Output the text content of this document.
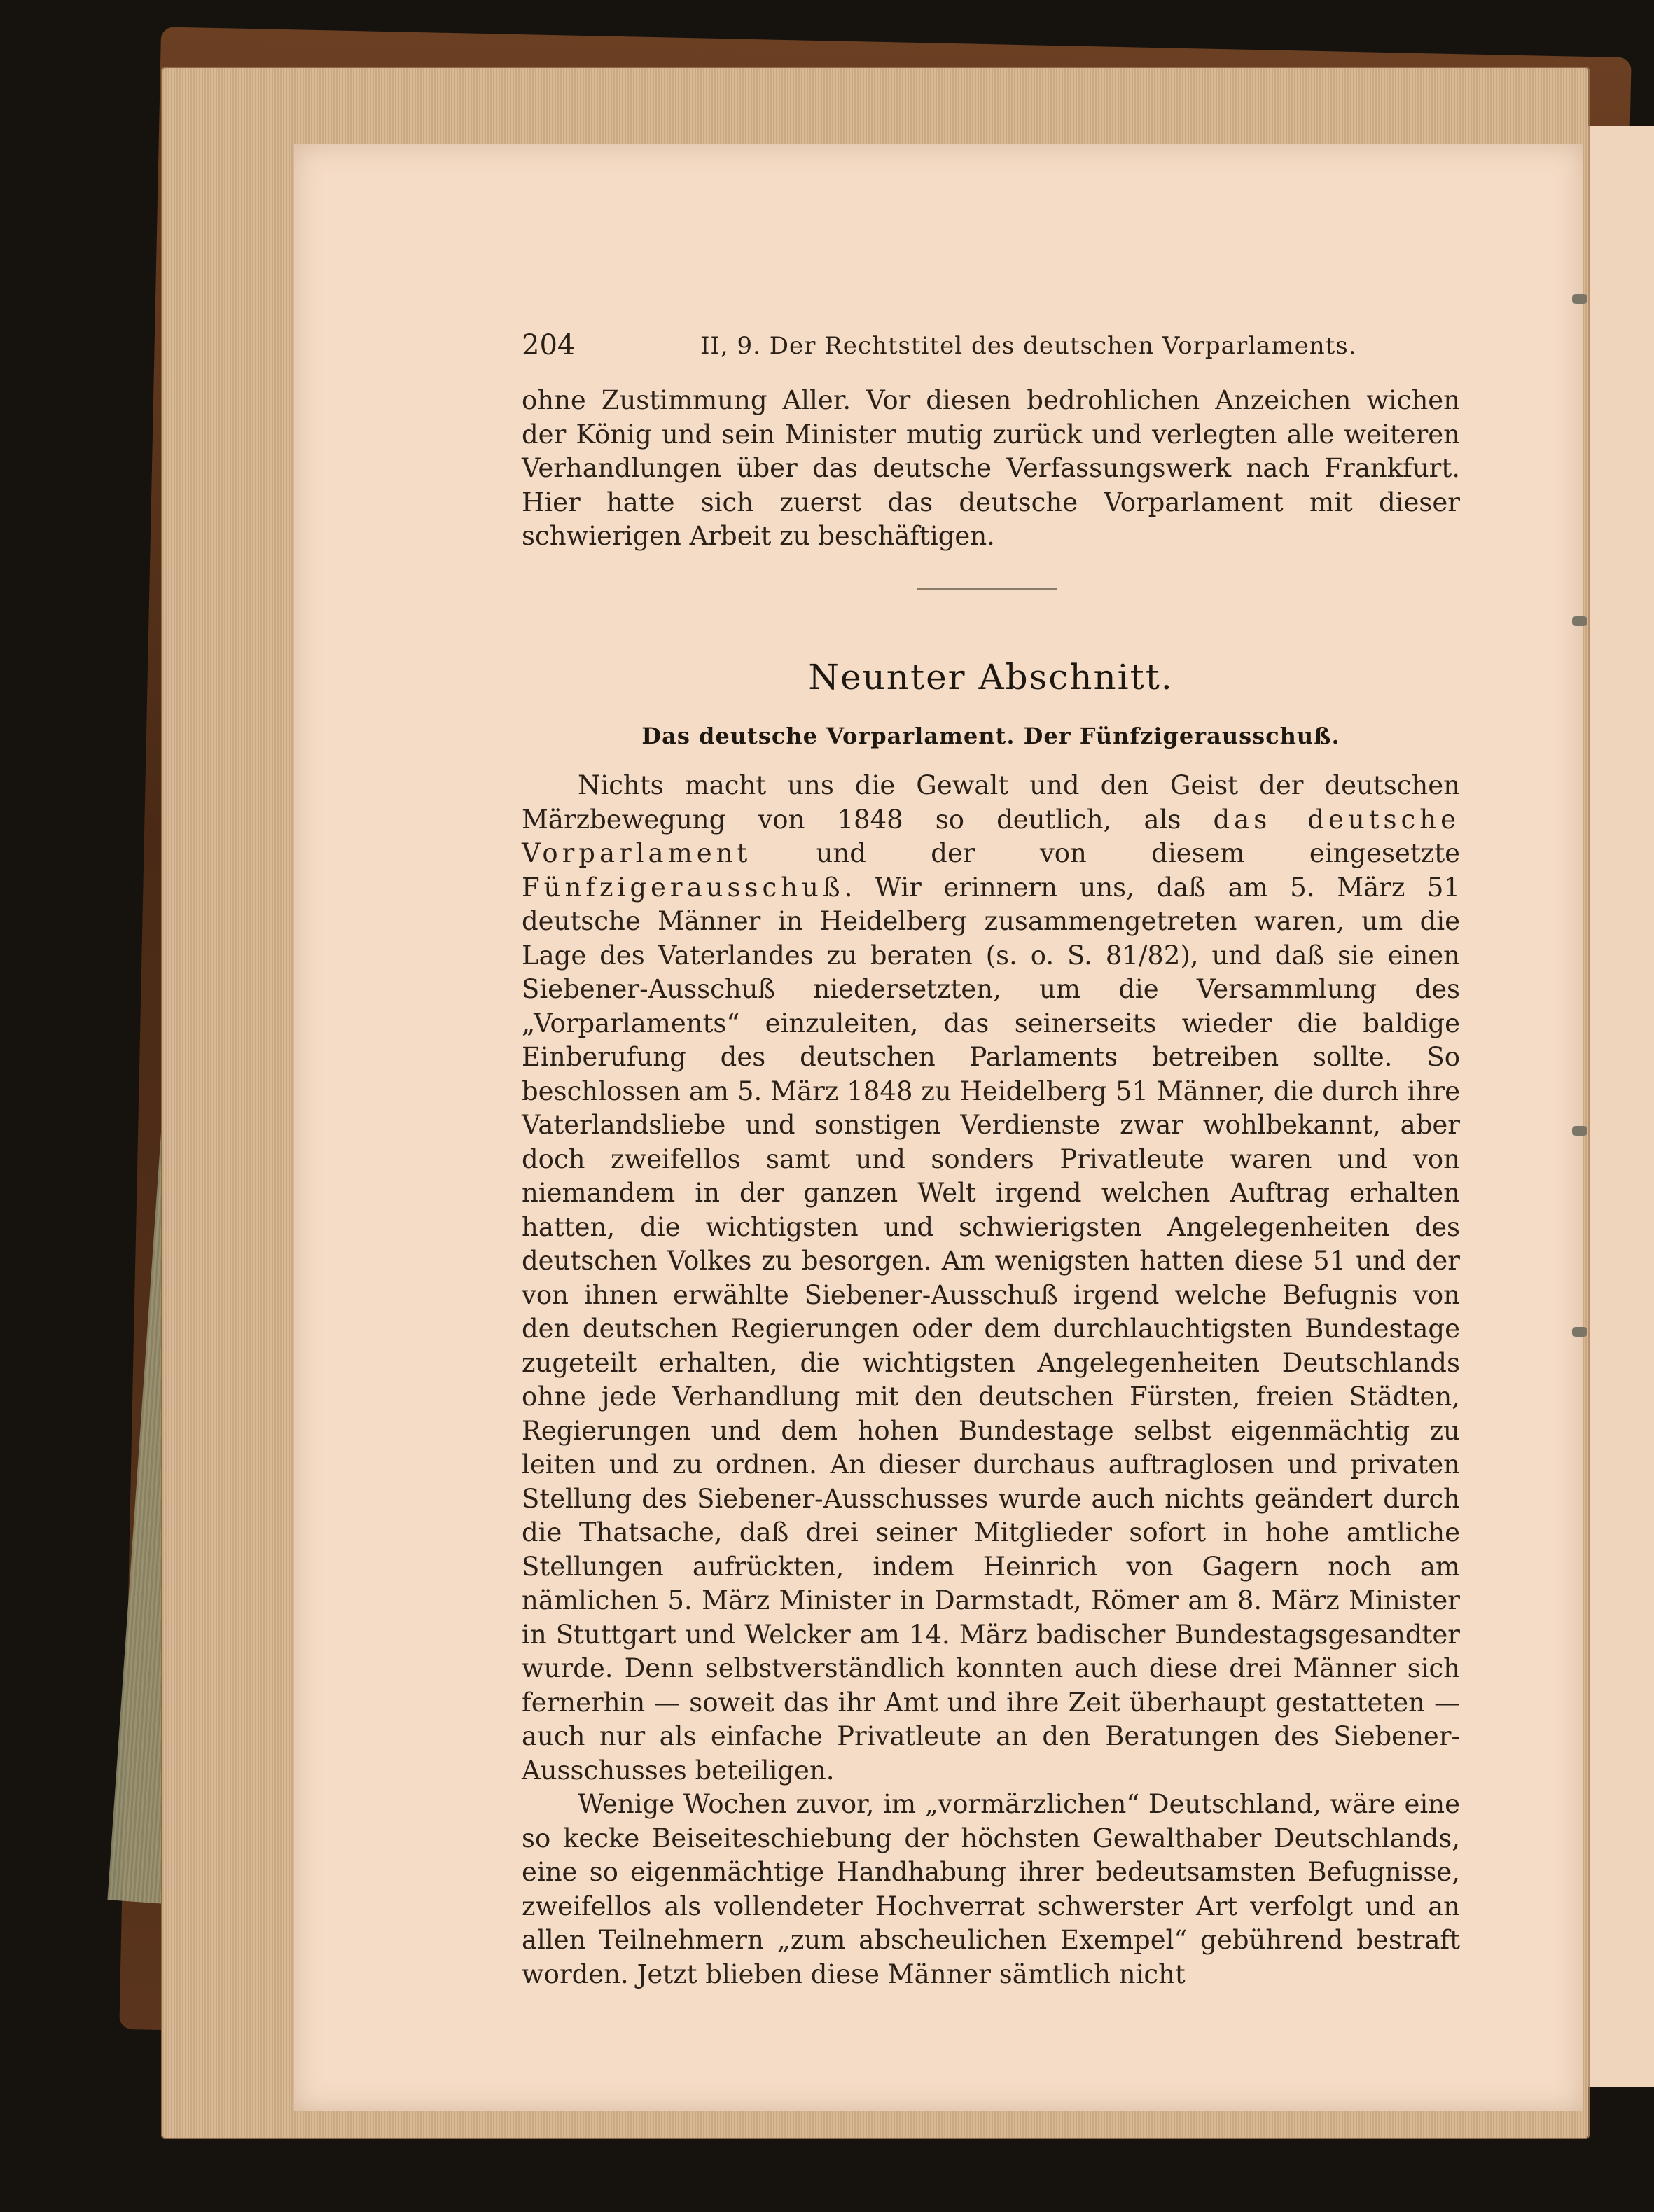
204	II, 9. Der Rechtstitel des deutschen Vorparlaments.

ohne Zustimmung Aller. Vor diesen bedrohlichen Anzeichen wichen der König und sein Minister mutig zurück und verlegten alle weiteren Verhandlungen über das deutsche Verfassungswerk nach Frankfurt. Hier hatte sich zuerst das deutsche Vorparlament mit dieser schwierigen Arbeit zu beschäftigen.

Neunter Abschnitt.
Das deutsche Vorparlament. Der Fünfzigerausschuß.

Nichts macht uns die Gewalt und den Geist der deutschen Märzbewegung von 1848 so deutlich, als das deutsche Vorparlament und der von diesem eingesetzte Fünfzigerausschuß. Wir erinnern uns, daß am 5. März 51 deutsche Männer in Heidelberg zusammengetreten waren, um die Lage des Vaterlandes zu beraten (s. o. S. 81/82), und daß sie einen Siebener-Ausschuß niedersetzten, um die Versammlung des „Vorparlaments“ einzuleiten, das seinerseits wieder die baldige Einberufung des deutschen Parlaments betreiben sollte. So beschlossen am 5. März 1848 zu Heidelberg 51 Männer, die durch ihre Vaterlandsliebe und sonstigen Verdienste zwar wohlbekannt, aber doch zweifellos samt und sonders Privatleute waren und von niemandem in der ganzen Welt irgend welchen Auftrag erhalten hatten, die wichtigsten und schwierigsten Angelegenheiten des deutschen Volkes zu besorgen. Am wenigsten hatten diese 51 und der von ihnen erwählte Siebener-Ausschuß irgend welche Befugnis von den deutschen Regierungen oder dem durchlauchtigsten Bundestage zugeteilt erhalten, die wichtigsten Angelegenheiten Deutschlands ohne jede Verhandlung mit den deutschen Fürsten, freien Städten, Regierungen und dem hohen Bundestage selbst eigenmächtig zu leiten und zu ordnen. An dieser durchaus auftraglosen und privaten Stellung des Siebener-Ausschusses wurde auch nichts geändert durch die Thatsache, daß drei seiner Mitglieder sofort in hohe amtliche Stellungen aufrückten, indem Heinrich von Gagern noch am nämlichen 5. März Minister in Darmstadt, Römer am 8. März Minister in Stuttgart und Welcker am 14. März badischer Bundestagsgesandter wurde. Denn selbstverständlich konnten auch diese drei Männer sich fernerhin — soweit das ihr Amt und ihre Zeit überhaupt gestatteten — auch nur als einfache Privatleute an den Beratungen des Siebener-Ausschusses beteiligen.

Wenige Wochen zuvor, im „vormärzlichen“ Deutschland, wäre eine so kecke Beiseiteschiebung der höchsten Gewalthaber Deutschlands, eine so eigenmächtige Handhabung ihrer bedeutsamsten Befugnisse, zweifellos als vollendeter Hochverrat schwerster Art verfolgt und an allen Teilnehmern „zum abscheulichen Exempel“ gebührend bestraft worden. Jetzt blieben diese Männer sämtlich nicht
